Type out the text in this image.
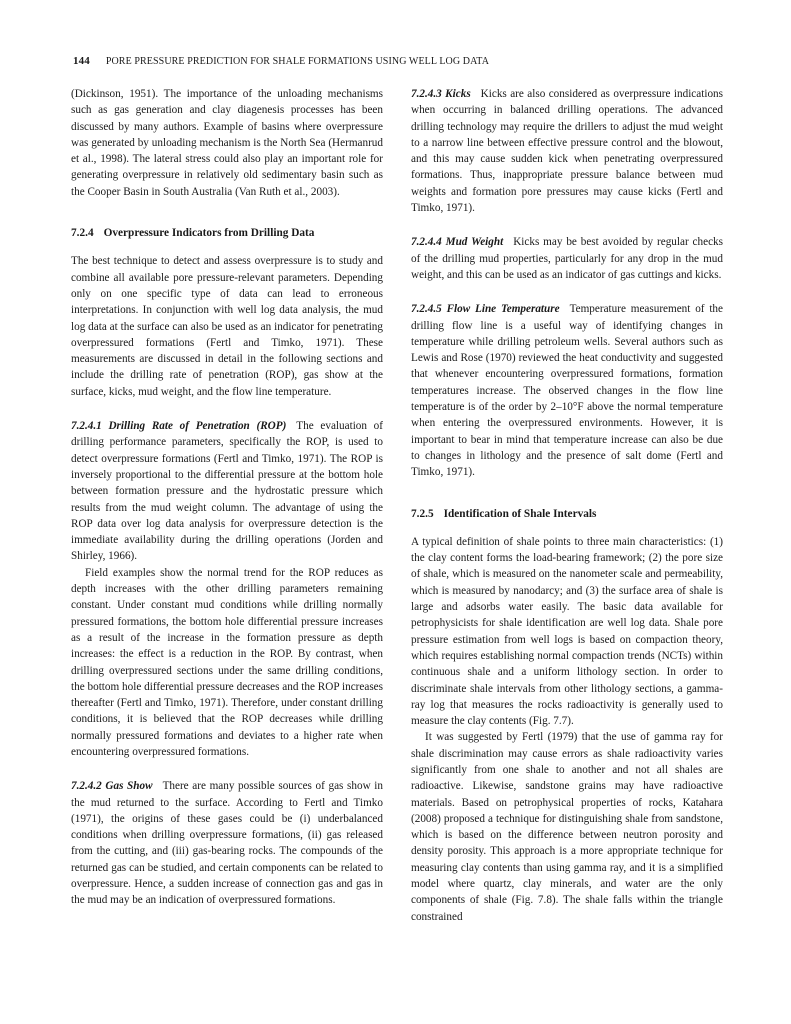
144 PORE PRESSURE PREDICTION FOR SHALE FORMATIONS USING WELL LOG DATA

(Dickinson, 1951). The importance of the unloading mechanisms such as gas generation and clay diagenesis processes has been discussed by many authors. Example of basins where overpressure was generated by unloading mechanism is the North Sea (Hermanrud et al., 1998). The lateral stress could also play an important role for generating overpressure in relatively old sedimentary basin such as the Cooper Basin in South Australia (Van Ruth et al., 2003).

7.2.4 Overpressure Indicators from Drilling Data

The best technique to detect and assess overpressure is to study and combine all available pore pressure-relevant parameters. Depending only on one specific type of data can lead to erroneous interpretations. In conjunction with well log data analysis, the mud log data at the surface can also be used as an indicator for penetrating overpressured formations (Fertl and Timko, 1971). These measurements are discussed in detail in the following sections and include the drilling rate of penetration (ROP), gas show at the surface, kicks, mud weight, and the flow line temperature.

7.2.4.1 Drilling Rate of Penetration (ROP) The evaluation of drilling performance parameters, specifically the ROP, is used to detect overpressure formations (Fertl and Timko, 1971). The ROP is inversely proportional to the differential pressure at the bottom hole between formation pressure and the hydrostatic pressure which results from the mud weight column. The advantage of using the ROP data over log data analysis for overpressure detection is the immediate availability during the drilling operations (Jorden and Shirley, 1966).

Field examples show the normal trend for the ROP reduces as depth increases with the other drilling parameters remaining constant. Under constant mud conditions while drilling normally pressured formations, the bottom hole differential pressure increases as a result of the increase in the formation pressure as depth increases: the effect is a reduction in the ROP. By contrast, when drilling overpressured sections under the same drilling conditions, the bottom hole differential pressure decreases and the ROP increases thereafter (Fertl and Timko, 1971). Therefore, under constant drilling conditions, it is believed that the ROP decreases while drilling normally pressured formations and deviates to a higher rate when encountering overpressured formations.

7.2.4.2 Gas Show There are many possible sources of gas show in the mud returned to the surface. According to Fertl and Timko (1971), the origins of these gases could be (i) underbalanced conditions when drilling overpressure formations, (ii) gas released from the cutting, and (iii) gas-bearing rocks. The compounds of the returned gas can be studied, and certain components can be related to overpressure. Hence, a sudden increase of connection gas and gas in the mud may be an indication of overpressured formations.

7.2.4.3 Kicks Kicks are also considered as overpressure indications when occurring in balanced drilling operations. The advanced drilling technology may require the drillers to adjust the mud weight to a narrow line between effective pressure control and the blowout, and this may cause sudden kick when penetrating overpressured formations. Thus, inappropriate pressure balance between mud weights and formation pore pressures may cause kicks (Fertl and Timko, 1971).

7.2.4.4 Mud Weight Kicks may be best avoided by regular checks of the drilling mud properties, particularly for any drop in the mud weight, and this can be used as an indicator of gas cuttings and kicks.

7.2.4.5 Flow Line Temperature Temperature measurement of the drilling flow line is a useful way of identifying changes in temperature while drilling petroleum wells. Several authors such as Lewis and Rose (1970) reviewed the heat conductivity and suggested that whenever encountering overpressured formations, formation temperatures increase. The observed changes in the flow line temperature is of the order by 2–10°F above the normal temperature when entering the overpressured environments. However, it is important to bear in mind that temperature increase can also be due to changes in lithology and the presence of salt dome (Fertl and Timko, 1971).

7.2.5 Identification of Shale Intervals

A typical definition of shale points to three main characteristics: (1) the clay content forms the load-bearing framework; (2) the pore size of shale, which is measured on the nanometer scale and permeability, which is measured by nanodarcy; and (3) the surface area of shale is large and adsorbs water easily. The basic data available for petrophysicists for shale identification are well log data. Shale pore pressure estimation from well logs is based on compaction theory, which requires establishing normal compaction trends (NCTs) within continuous shale and a uniform lithology section. In order to discriminate shale intervals from other lithology sections, a gamma-ray log that measures the rocks radioactivity is generally used to measure the clay contents (Fig. 7.7).

It was suggested by Fertl (1979) that the use of gamma ray for shale discrimination may cause errors as shale radioactivity varies significantly from one shale to another and not all shales are radioactive. Likewise, sandstone grains may have radioactive materials. Based on petrophysical properties of rocks, Katahara (2008) proposed a technique for distinguishing shale from sandstone, which is based on the difference between neutron porosity and density porosity. This approach is a more appropriate technique for measuring clay contents than using gamma ray, and it is a simplified model where quartz, clay minerals, and water are the only components of shale (Fig. 7.8). The shale falls within the triangle constrained
